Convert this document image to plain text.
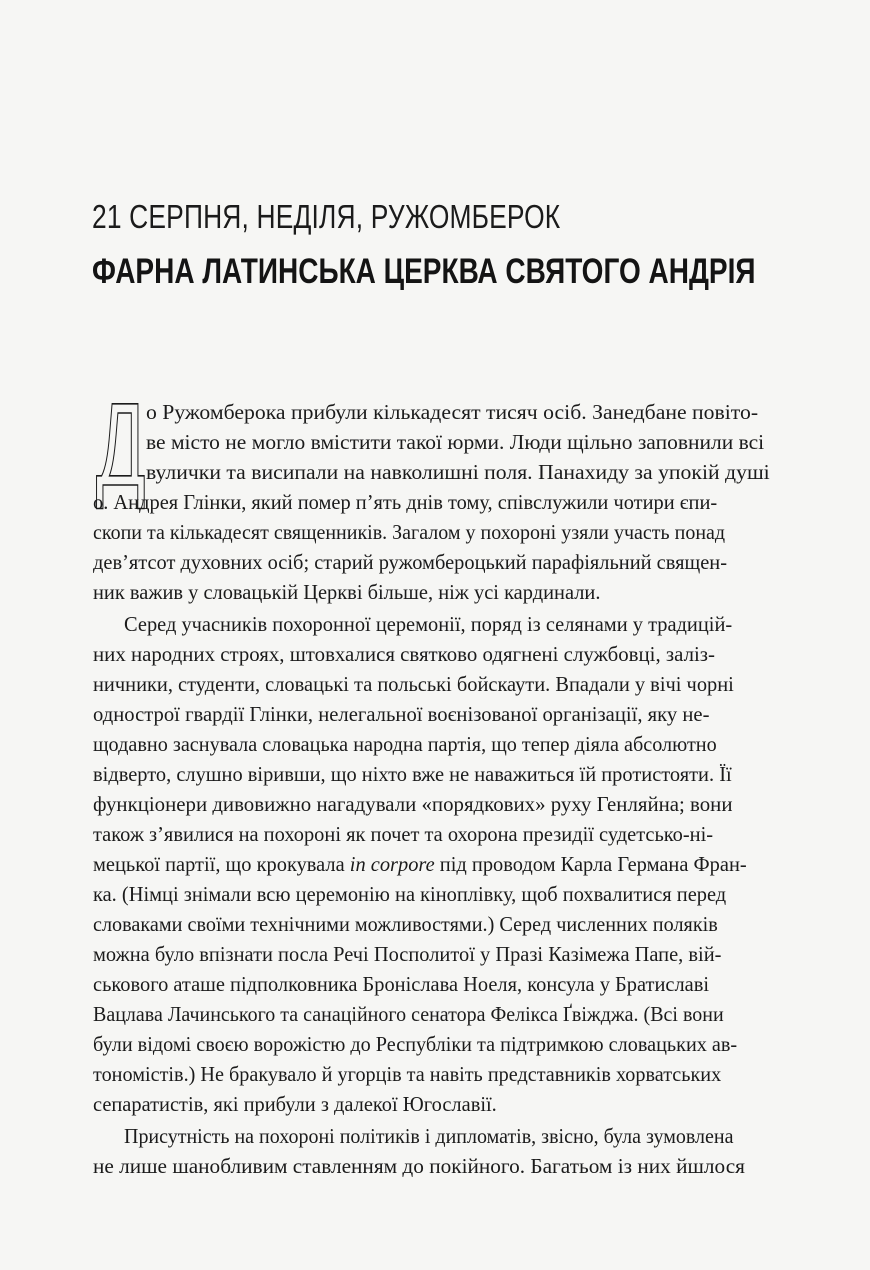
21 СЕРПНЯ, НЕДІЛЯ, РУЖОМБЕРОК
ФАРНА ЛАТИНСЬКА ЦЕРКВА СВЯТОГО АНДРІЯ
Д о Ружомберока прибули кількадесят тисяч осіб. Занедбане повіто-
ве місто не могло вмістити такої юрми. Люди щільно заповнили всі
вулички та висипали на навколишні поля. Панахиду за упокій душі
о. Андрея Глінки, який помер п’ять днів тому, співслужили чотири єпи-
скопи та кількадесят священників. Загалом у похороні узяли участь понад
дев’ятсот духовних осіб; старий ружомбероцький парафіяльний священ-
ник важив у словацькій Церкві більше, ніж усі кардинали.
Серед учасників похоронної церемонії, поряд із селянами у традицій-
них народних строях, штовхалися святково одягнені службовці, заліз-
ничники, студенти, словацькі та польські бойскаути. Впадали у вічі чорні
однострої гвардії Глінки, нелегальної воєнізованої організації, яку не-
щодавно заснувала словацька народна партія, що тепер діяла абсолютно
відверто, слушно віривши, що ніхто вже не наважиться їй протистояти. Її
функціонери дивовижно нагадували «порядкових» руху Генляйна; вони
також з’явилися на похороні як почет та охорона президії судетсько-ні-
мецької партії, що крокувала in corpore під проводом Карла Германа Фран-
ка. (Німці знімали всю церемонію на кіноплівку, щоб похвалитися перед
словаками своїми технічними можливостями.) Серед численних поляків
можна було впізнати посла Речі Посполитої у Празі Казімежа Папе, вій-
ськового аташе підполковника Броніслава Ноеля, консула у Братиславі
Вацлава Лачинського та санаційного сенатора Фелікса Ґвіжджа. (Всі вони
були відомі своєю ворожістю до Республіки та підтримкою словацьких ав-
тономістів.) Не бракувало й угорців та навіть представників хорватських
сепаратистів, які прибули з далекої Югославії.
Присутність на похороні політиків і дипломатів, звісно, була зумовлена
не лише шанобливим ставленням до покійного. Багатьом із них йшлося
